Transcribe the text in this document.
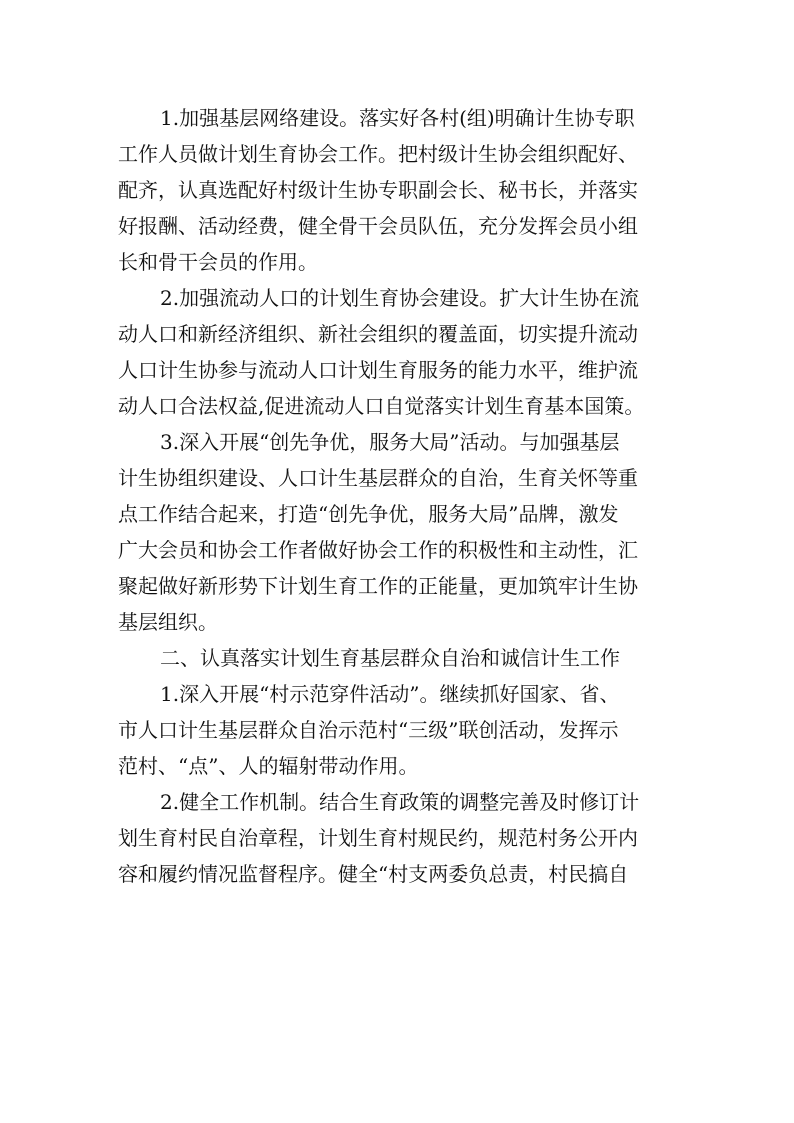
1.加强基层网络建设。落实好各村(组)明确计生协专职
工作人员做计划生育协会工作。把村级计生协会组织配好、
配齐，认真选配好村级计生协专职副会长、秘书长，并落实
好报酬、活动经费，健全骨干会员队伍，充分发挥会员小组
长和骨干会员的作用。
2.加强流动人口的计划生育协会建设。扩大计生协在流
动人口和新经济组织、新社会组织的覆盖面，切实提升流动
人口计生协参与流动人口计划生育服务的能力水平，维护流
动人口合法权益,促进流动人口自觉落实计划生育基本国策。
3.深入开展“创先争优，服务大局”活动。与加强基层
计生协组织建设、人口计生基层群众的自治，生育关怀等重
点工作结合起来，打造“创先争优，服务大局”品牌，激发
广大会员和协会工作者做好协会工作的积极性和主动性，汇
聚起做好新形势下计划生育工作的正能量，更加筑牢计生协
基层组织。
二、认真落实计划生育基层群众自治和诚信计生工作
1.深入开展“村示范穿件活动”。继续抓好国家、省、
市人口计生基层群众自治示范村“三级”联创活动，发挥示
范村、“点”、人的辐射带动作用。
2.健全工作机制。结合生育政策的调整完善及时修订计
划生育村民自治章程，计划生育村规民约，规范村务公开内
容和履约情况监督程序。健全“村支两委负总责，村民搞自
